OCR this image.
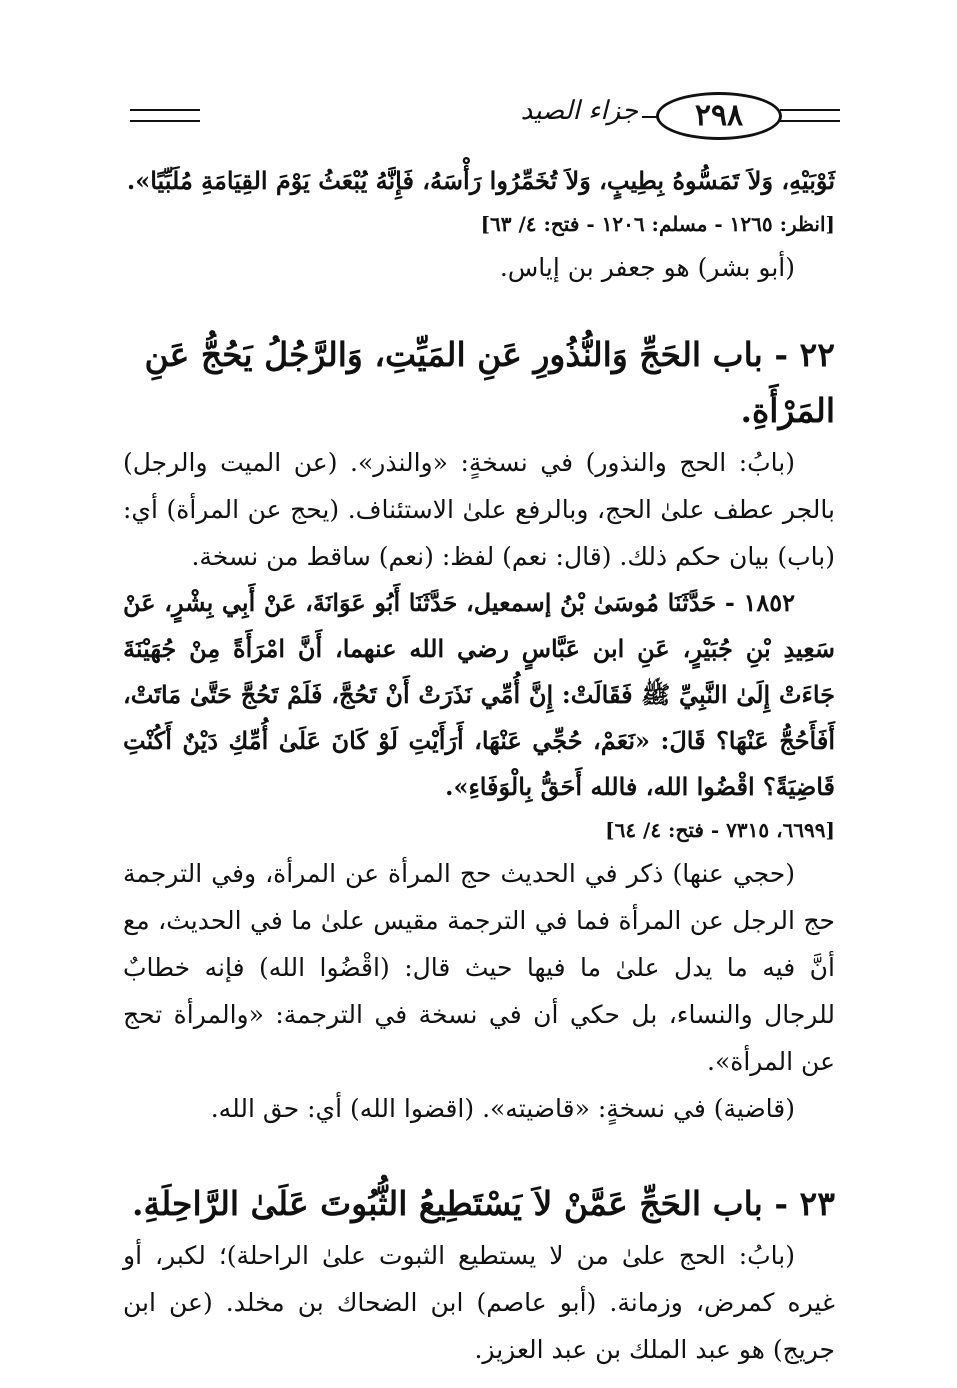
٢٩٨
جزاء الصيد

ثَوْبَيْهِ، وَلاَ تَمَسُّوهُ بِطِيبٍ، وَلاَ تُخَمِّرُوا رَأْسَهُ، فَإِنَّهُ يُبْعَثُ يَوْمَ القِيَامَةِ مُلَبِّيًا».

[انظر: ١٢٦٥ - مسلم: ١٢٠٦ - فتح: ٤/ ٦٣]

(أبو بشر) هو جعفر بن إياس.

٢٢ - باب الحَجِّ وَالنُّذُورِ عَنِ المَيِّتِ، وَالرَّجُلُ يَحُجُّ عَنِ المَرْأَةِ.

(بابُ: الحج والنذور) في نسخةٍ: «والنذر». (عن الميت والرجل) بالجر عطف علىٰ الحج، وبالرفع علىٰ الاستئناف. (يحج عن المرأة) أي: (باب) بيان حكم ذلك. (قال: نعم) لفظ: (نعم) ساقط من نسخة.

١٨٥٢ - حَدَّثَنَا مُوسَىٰ بْنُ إسمعيل، حَدَّثَنَا أَبُو عَوَانَةَ، عَنْ أَبِي بِشْرٍ، عَنْ سَعِيدِ بْنِ جُبَيْرٍ، عَنِ ابن عَبَّاسٍ رضي الله عنهما، أَنَّ امْرَأَةً مِنْ جُهَيْنَةَ جَاءَتْ إِلَىٰ النَّبِيِّ ﷺ فَقَالَتْ: إِنَّ أُمِّي نَذَرَتْ أَنْ تَحُجَّ، فَلَمْ تَحُجَّ حَتَّىٰ مَاتَتْ، أَفَأَحُجُّ عَنْهَا؟ قَالَ: «نَعَمْ، حُجِّي عَنْهَا، أَرَأَيْتِ لَوْ كَانَ عَلَىٰ أُمِّكِ دَيْنٌ أَكُنْتِ قَاضِيَةً؟ اقْضُوا الله، فالله أَحَقُّ بِالْوَفَاءِ».

[٦٦٩٩، ٧٣١٥ - فتح: ٤/ ٦٤]

(حجي عنها) ذكر في الحديث حج المرأة عن المرأة، وفي الترجمة حج الرجل عن المرأة فما في الترجمة مقيس علىٰ ما في الحديث، مع أنَّ فيه ما يدل علىٰ ما فيها حيث قال: (اقْضُوا الله) فإنه خطابٌ للرجال والنساء، بل حكي أن في نسخة في الترجمة: «والمرأة تحج عن المرأة».

(قاضية) في نسخةٍ: «قاضيته». (اقضوا الله) أي: حق الله.

٢٣ - باب الحَجِّ عَمَّنْ لاَ يَسْتَطِيعُ الثُّبُوتَ عَلَىٰ الرَّاحِلَةِ.

(بابُ: الحج علىٰ من لا يستطيع الثبوت علىٰ الراحلة)؛ لكبر، أو غيره كمرض، وزمانة. (أبو عاصم) ابن الضحاك بن مخلد. (عن ابن جريج) هو عبد الملك بن عبد العزيز.
